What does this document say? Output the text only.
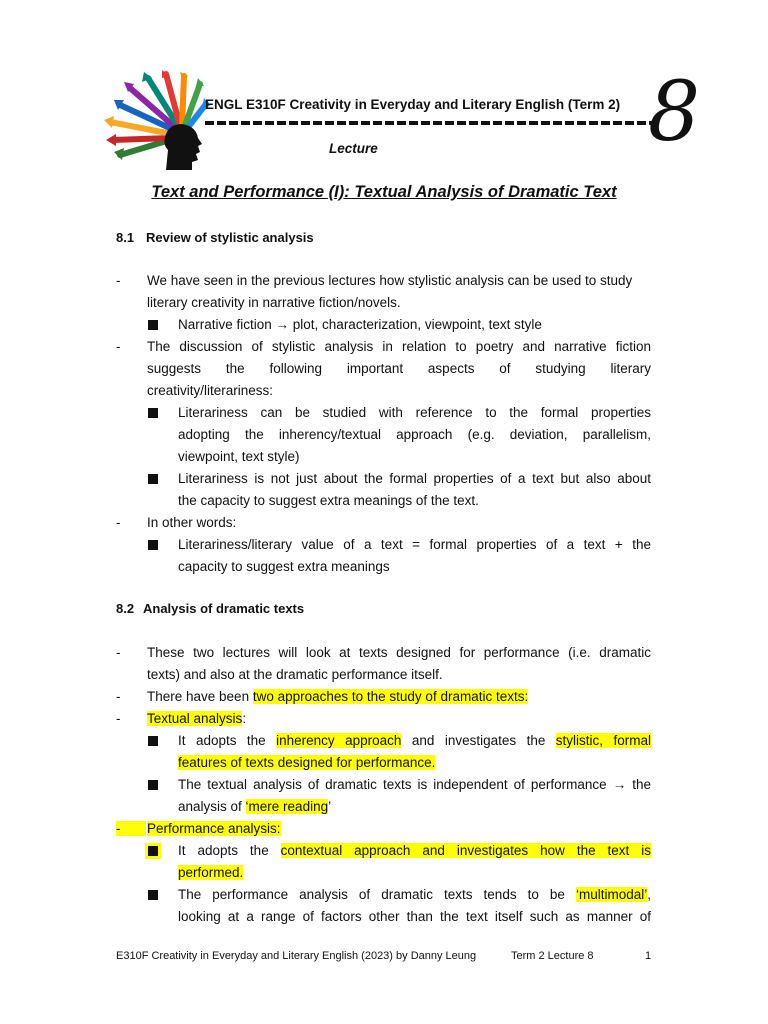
ENGL E310F Creativity in Everyday and Literary English (Term 2)
Lecture	8
Text and Performance (I): Textual Analysis of Dramatic Text
8.1 Review of stylistic analysis
- We have seen in the previous lectures how stylistic analysis can be used to study
literary creativity in narrative fiction/novels.
Narrative fiction → plot, characterization, viewpoint, text style
- The discussion of stylistic analysis in relation to poetry and narrative fiction
suggests the following important aspects of studying literary
creativity/literariness:
Literariness can be studied with reference to the formal properties
adopting the inherency/textual approach (e.g. deviation, parallelism,
viewpoint, text style)
Literariness is not just about the formal properties of a text but also about
the capacity to suggest extra meanings of the text.
- In other words:
Literariness/literary value of a text = formal properties of a text + the
capacity to suggest extra meanings
8.2 Analysis of dramatic texts
- These two lectures will look at texts designed for performance (i.e. dramatic
texts) and also at the dramatic performance itself.
- There have been two approaches to the study of dramatic texts:
- Textual analysis:
It adopts the inherency approach and investigates the stylistic, formal
features of texts designed for performance.
The textual analysis of dramatic texts is independent of performance → the
analysis of ‘mere reading’
-	Performance analysis:
It adopts the contextual approach and investigates how the text is
performed.
The performance analysis of dramatic texts tends to be ‘multimodal’,
looking at a range of factors other than the text itself such as manner of
E310F Creativity in Everyday and Literary English (2023) by Danny Leung	Term 2 Lecture 8	1
